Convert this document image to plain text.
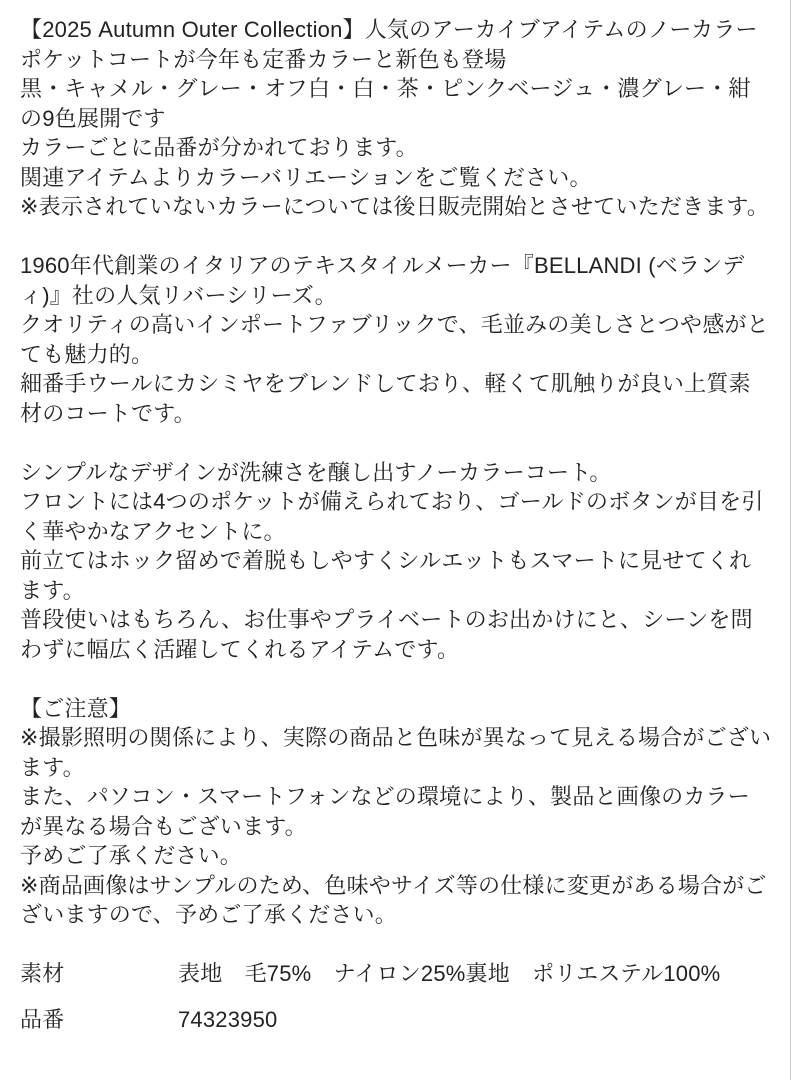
【2025 Autumn Outer Collection】人気のアーカイブアイテムのノーカラーポケットコートが今年も定番カラーと新色も登場
黒・キャメル・グレー・オフ白・白・茶・ピンクベージュ・濃グレー・紺の9色展開です
カラーごとに品番が分かれております。
関連アイテムよりカラーバリエーションをご覧ください。
※表示されていないカラーについては後日販売開始とさせていただきます。
1960年代創業のイタリアのテキスタイルメーカー『BELLANDI (ベランディ)』社の人気リバーシリーズ。
クオリティの高いインポートファブリックで、毛並みの美しさとつや感がとても魅力的。
細番手ウールにカシミヤをブレンドしており、軽くて肌触りが良い上質素材のコートです。
シンプルなデザインが洗練さを醸し出すノーカラーコート。
フロントには4つのポケットが備えられており、ゴールドのボタンが目を引く華やかなアクセントに。
前立てはホック留めで着脱もしやすくシルエットもスマートに見せてくれます。
普段使いはもちろん、お仕事やプライベートのお出かけにと、シーンを問わずに幅広く活躍してくれるアイテムです。
【ご注意】
※撮影照明の関係により、実際の商品と色味が異なって見える場合がございます。
また、パソコン・スマートフォンなどの環境により、製品と画像のカラーが異なる場合もございます。
予めご了承ください。
※商品画像はサンプルのため、色味やサイズ等の仕様に変更がある場合がございますので、予めご了承ください。
素材	表地　毛75%　ナイロン25%裏地　ポリエステル100%
品番	74323950
